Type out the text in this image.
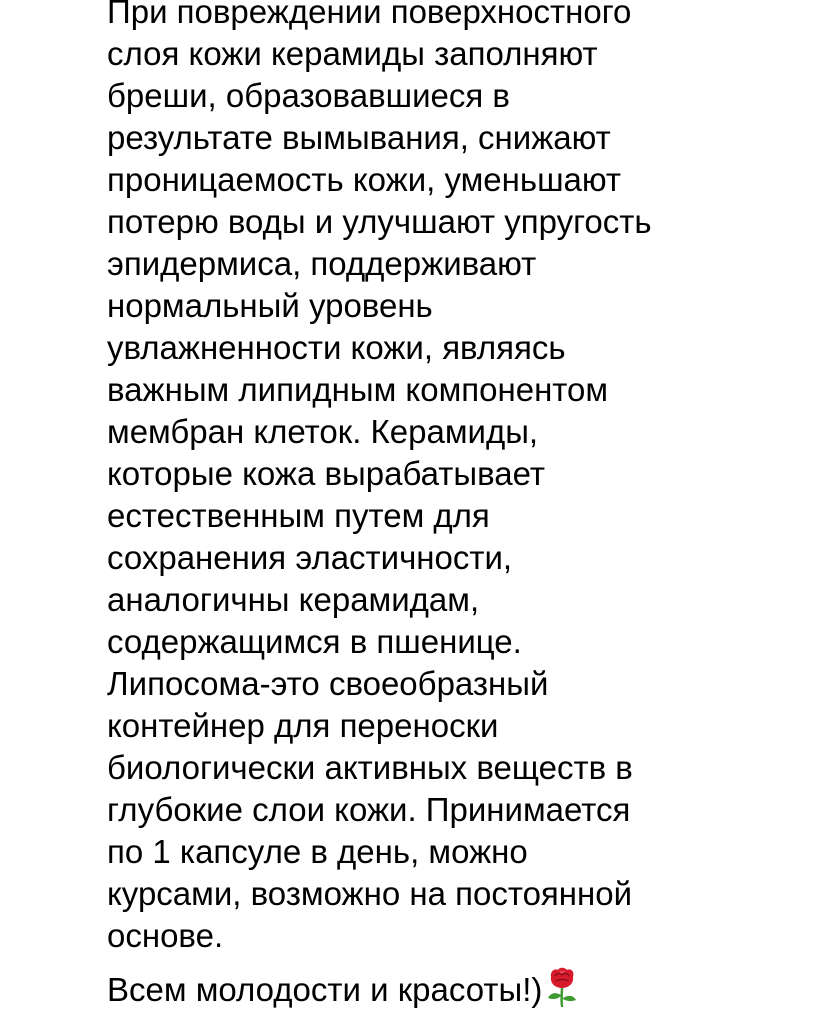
При повреждении поверхностного
слоя кожи керамиды заполняют
бреши, образовавшиеся в
результате вымывания, снижают
проницаемость кожи, уменьшают
потерю воды и улучшают упругость
эпидермиса, поддерживают
нормальный уровень
увлажненности кожи, являясь
важным липидным компонентом
мембран клеток. Керамиды,
которые кожа вырабатывает
естественным путем для
сохранения эластичности,
аналогичны керамидам,
содержащимся в пшенице.
Липосома-это своеобразный
контейнер для переноски
биологически активных веществ в
глубокие слои кожи. Принимается
по 1 капсуле в день, можно
курсами, возможно на постоянной
основе.
Всем молодости и красоты!)
